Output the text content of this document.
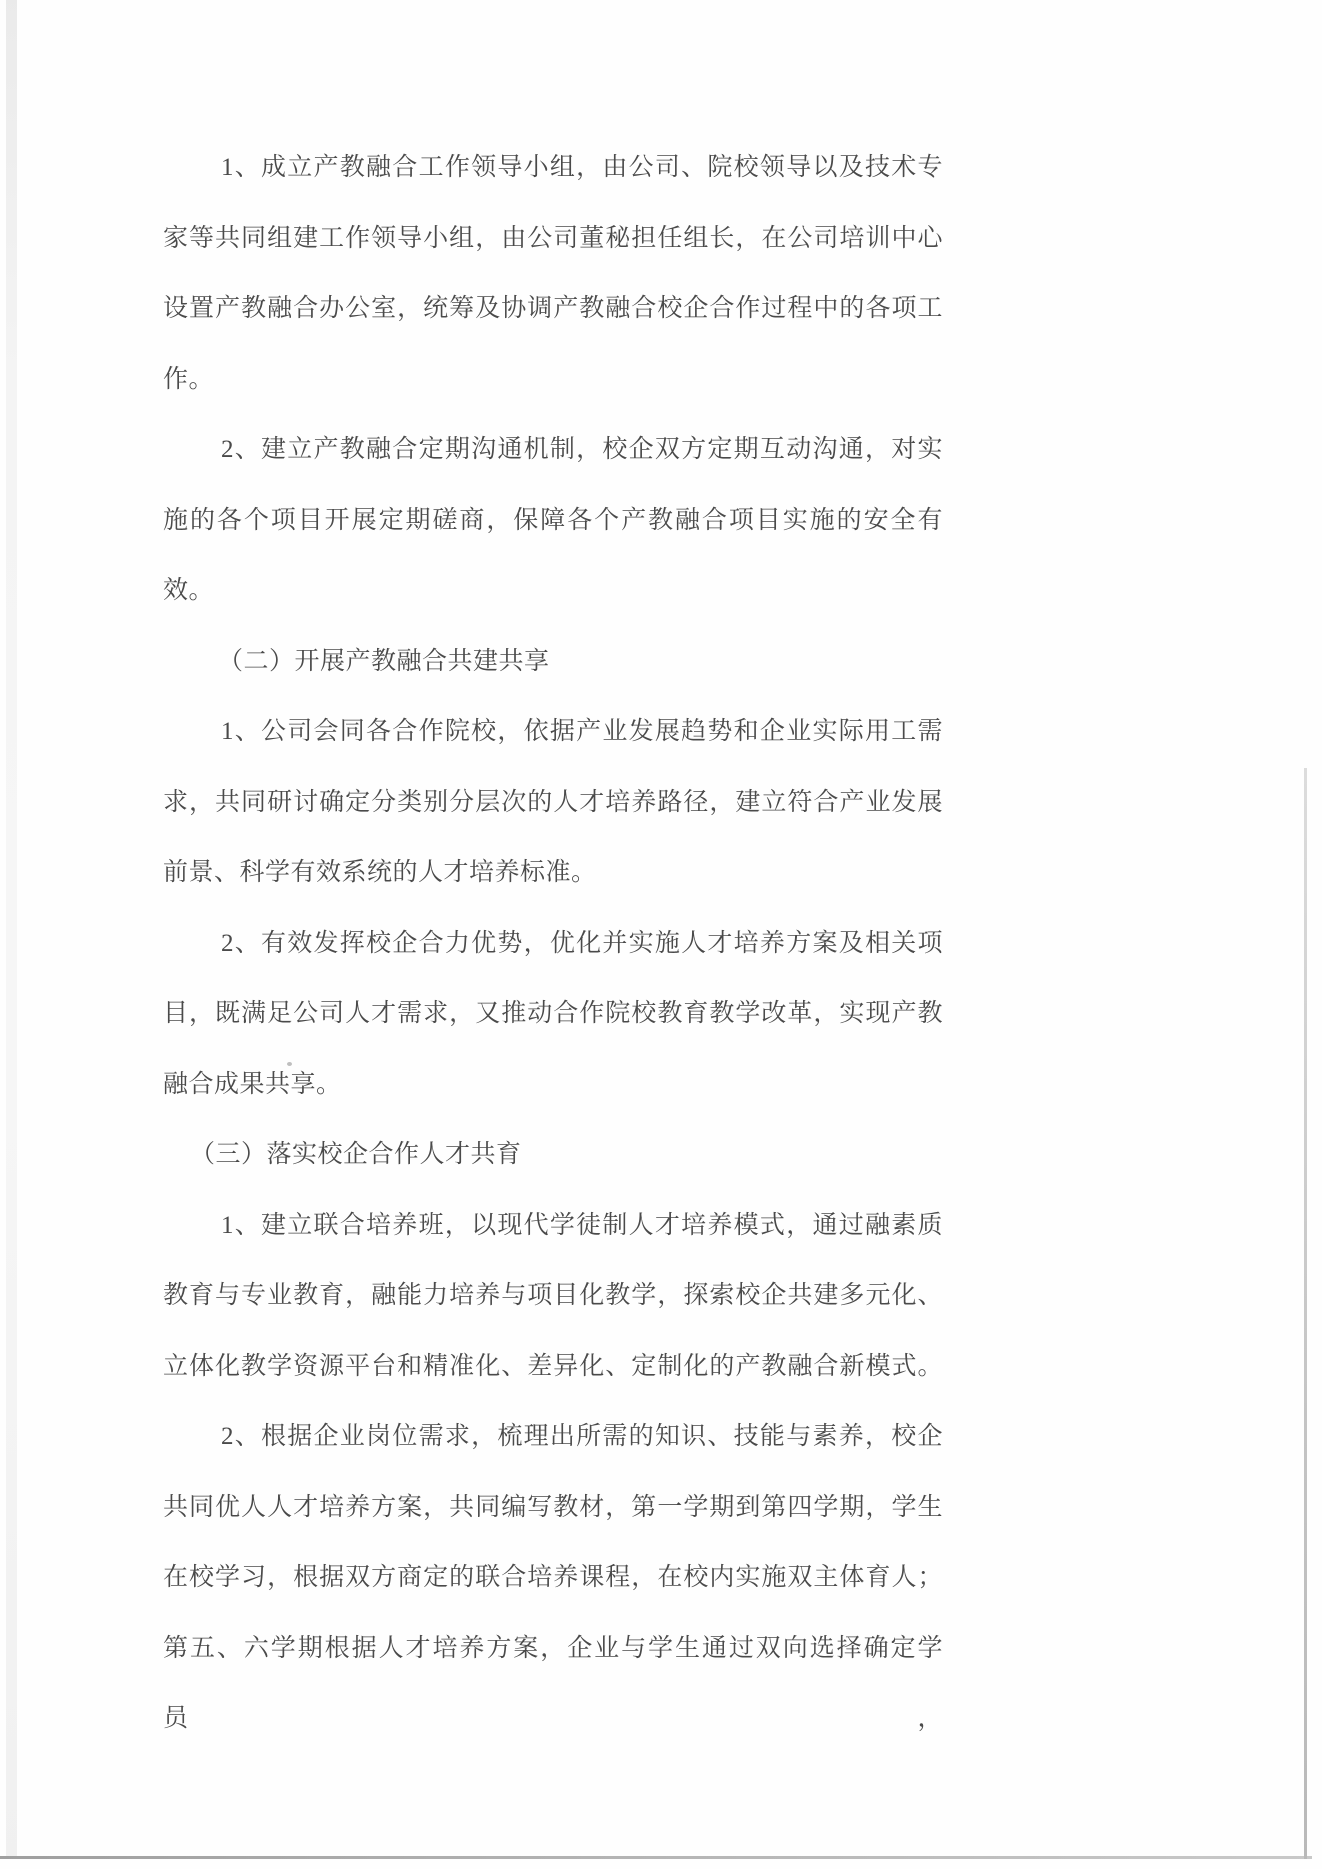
1、成立产教融合工作领导小组，由公司、院校领导以及技术专
家等共同组建工作领导小组，由公司董秘担任组长，在公司培训中心
设置产教融合办公室，统筹及协调产教融合校企合作过程中的各项工
作。
2、建立产教融合定期沟通机制，校企双方定期互动沟通，对实
施的各个项目开展定期磋商，保障各个产教融合项目实施的安全有
效。
（二）开展产教融合共建共享
1、公司会同各合作院校，依据产业发展趋势和企业实际用工需
求，共同研讨确定分类别分层次的人才培养路径，建立符合产业发展
前景、科学有效系统的人才培养标准。
2、有效发挥校企合力优势，优化并实施人才培养方案及相关项
目，既满足公司人才需求，又推动合作院校教育教学改革，实现产教
融合成果共享。
（三）落实校企合作人才共育
1、建立联合培养班，以现代学徒制人才培养模式，通过融素质
教育与专业教育，融能力培养与项目化教学，探索校企共建多元化、
立体化教学资源平台和精准化、差异化、定制化的产教融合新模式。
2、根据企业岗位需求，梳理出所需的知识、技能与素养，校企
共同优人人才培养方案，共同编写教材，第一学期到第四学期，学生
在校学习，根据双方商定的联合培养课程，在校内实施双主体育人；
第五、六学期根据人才培养方案，企业与学生通过双向选择确定学员，
